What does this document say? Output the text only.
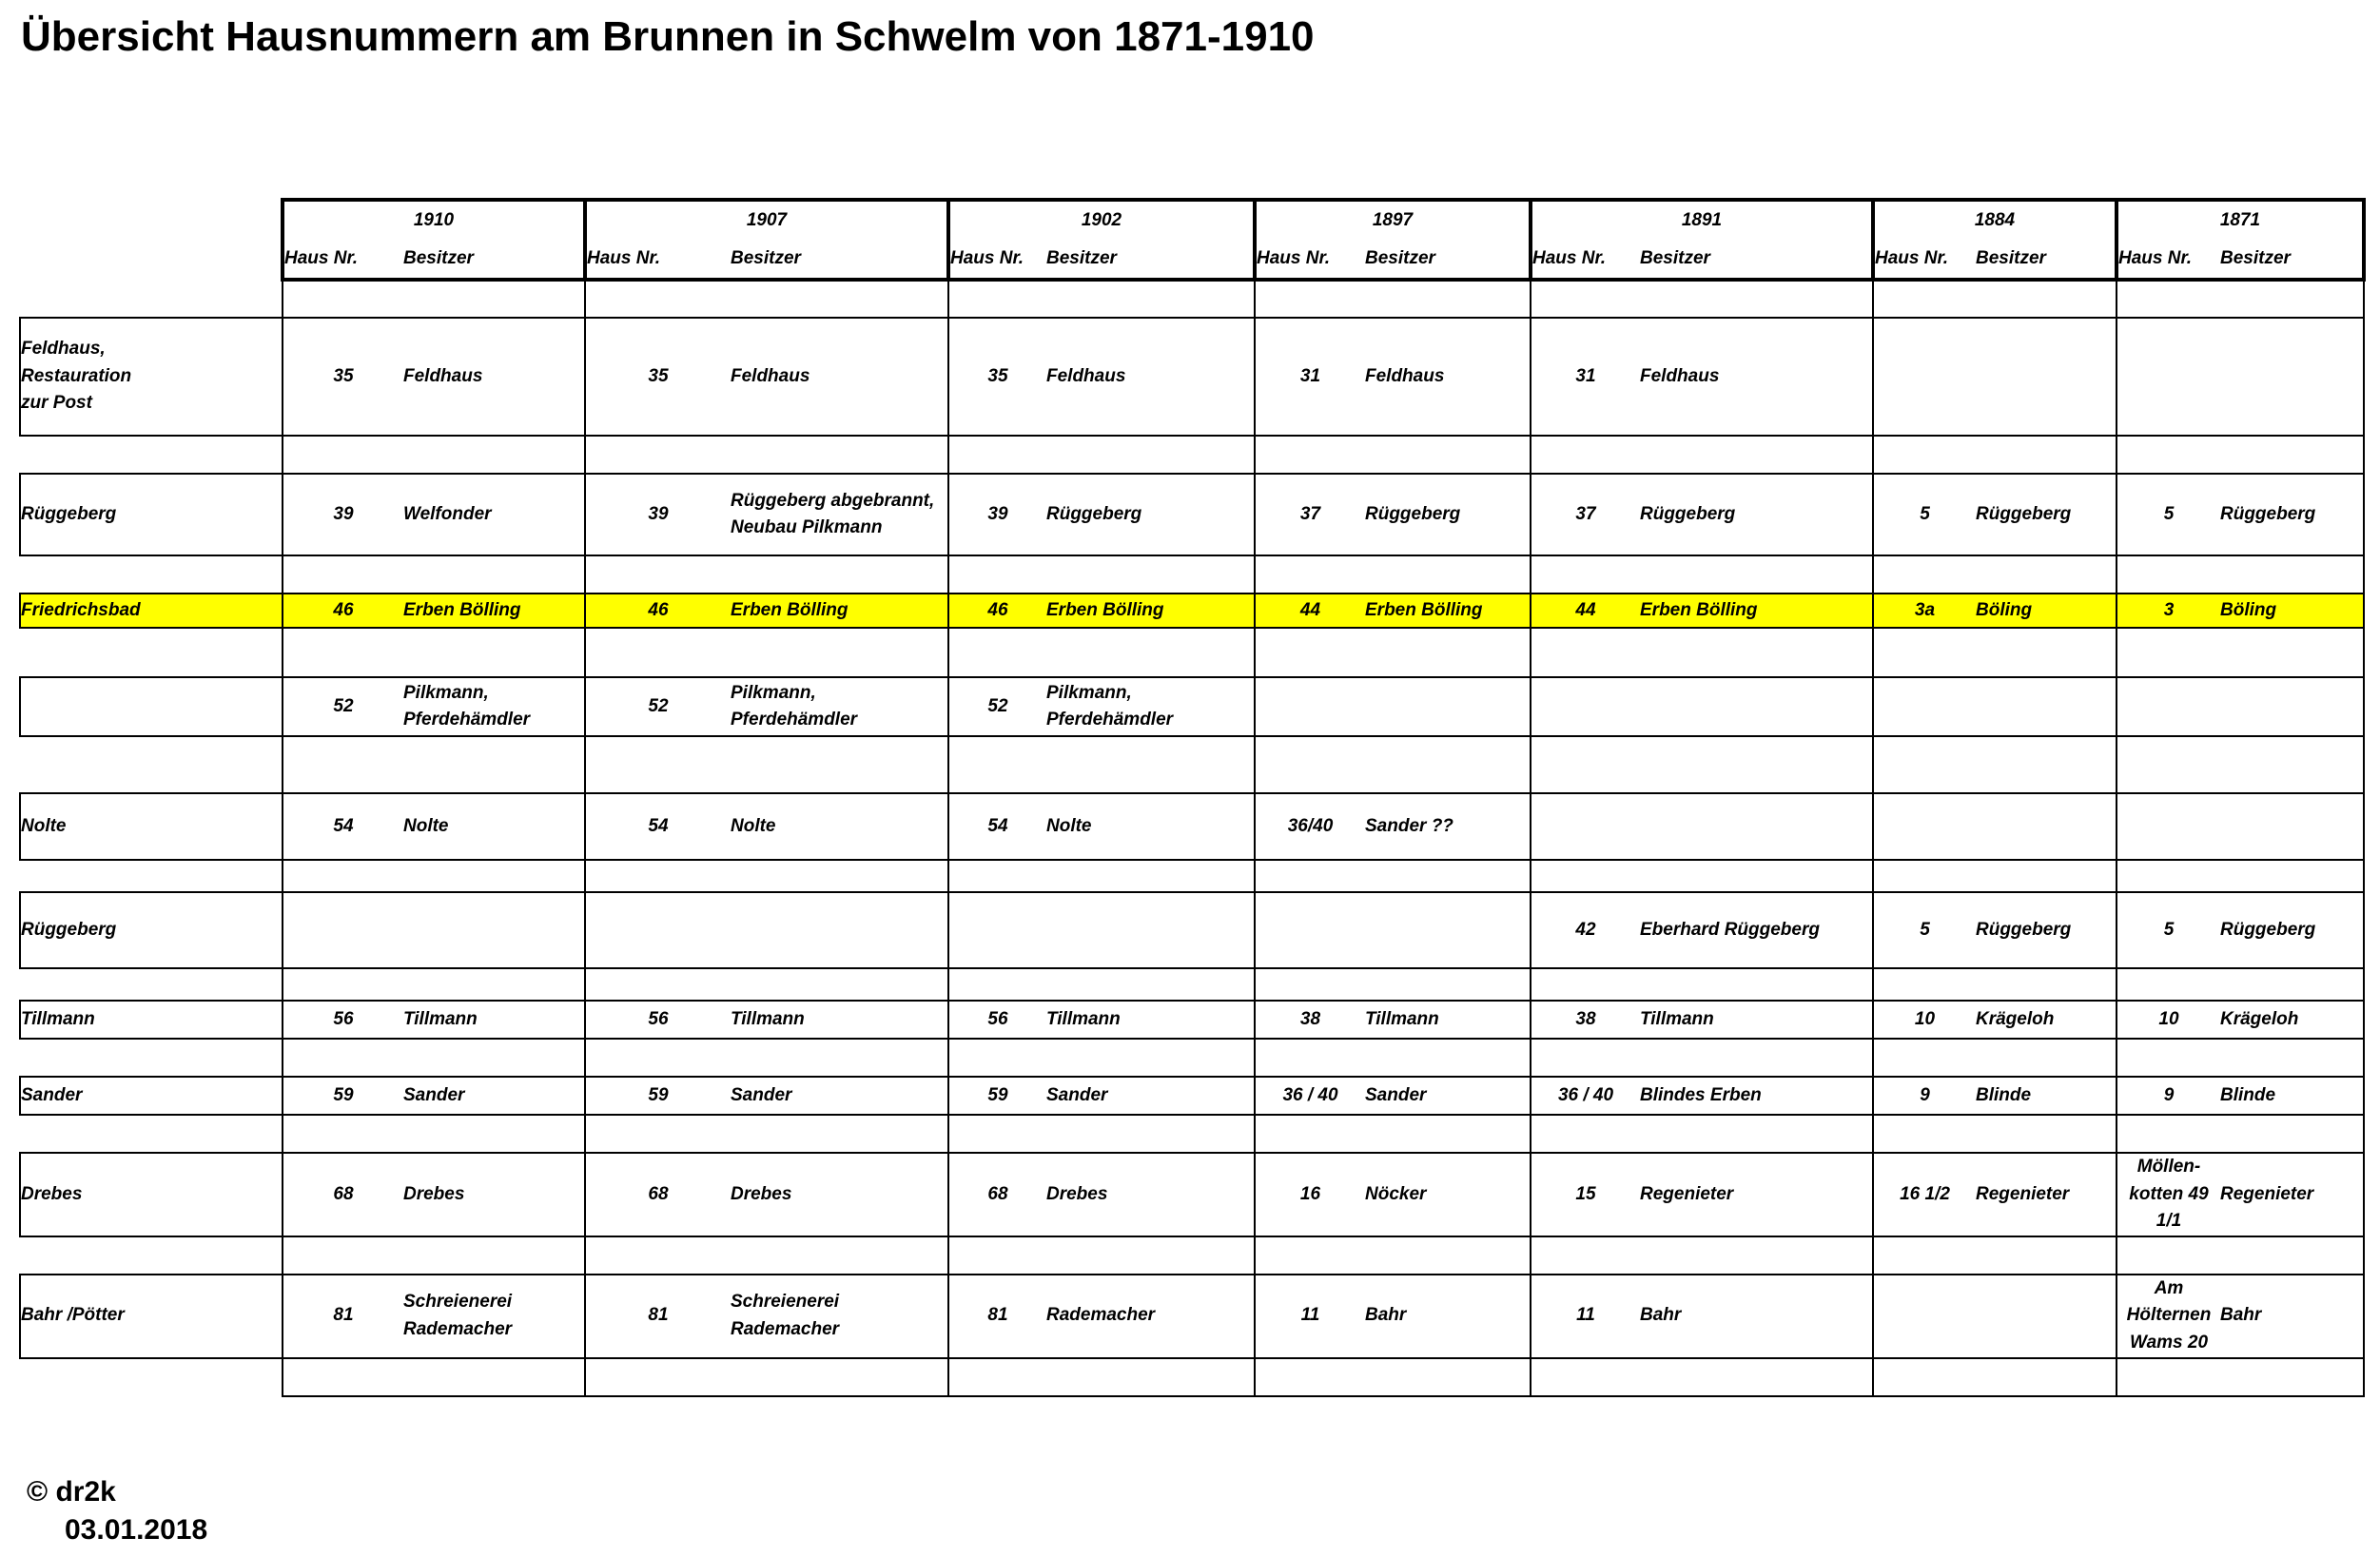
Übersicht Hausnummern am Brunnen in Schwelm von 1871-1910
	1910		1907		1902		1897		1891		1884		1871	
	Haus Nr.	Besitzer	Haus Nr.	Besitzer	Haus Nr.	Besitzer	Haus Nr.	Besitzer	Haus Nr.	Besitzer	Haus Nr.	Besitzer	Haus Nr.	Besitzer

Feldhaus,
Restauration
zur Post	35	Feldhaus	35	Feldhaus	35	Feldhaus	31	Feldhaus	31	Feldhaus				

Rüggeberg	39	Welfonder	39	Rüggeberg abgebrannt, Neubau Pilkmann	39	Rüggeberg	37	Rüggeberg	37	Rüggeberg	5	Rüggeberg	5	Rüggeberg

Friedrichsbad	46	Erben Bölling	46	Erben Bölling	46	Erben Bölling	44	Erben Bölling	44	Erben Bölling	3a	Böling	3	Böling

	52	Pilkmann, Pferdehämdler	52	Pilkmann, Pferdehämdler	52	Pilkmann, Pferdehämdler								

Nolte	54	Nolte	54	Nolte	54	Nolte	36/40	Sander ??						

Rüggeberg									42	Eberhard Rüggeberg	5	Rüggeberg	5	Rüggeberg

Tillmann	56	Tillmann	56	Tillmann	56	Tillmann	38	Tillmann	38	Tillmann	10	Krägeloh	10	Krägeloh

Sander	59	Sander	59	Sander	59	Sander	36 / 40	Sander	36 / 40	Blindes Erben	9	Blinde	9	Blinde

Drebes	68	Drebes	68	Drebes	68	Drebes	16	Nöcker	15	Regenieter	16 1/2	Regenieter	Möllen-kotten 49 1/1	Regenieter

Bahr /Pötter	81	Schreienerei Rademacher	81	Schreienerei Rademacher	81	Rademacher	11	Bahr	11	Bahr			Am Hölternen Wams 20	Bahr

© dr2k
03.01.2018
